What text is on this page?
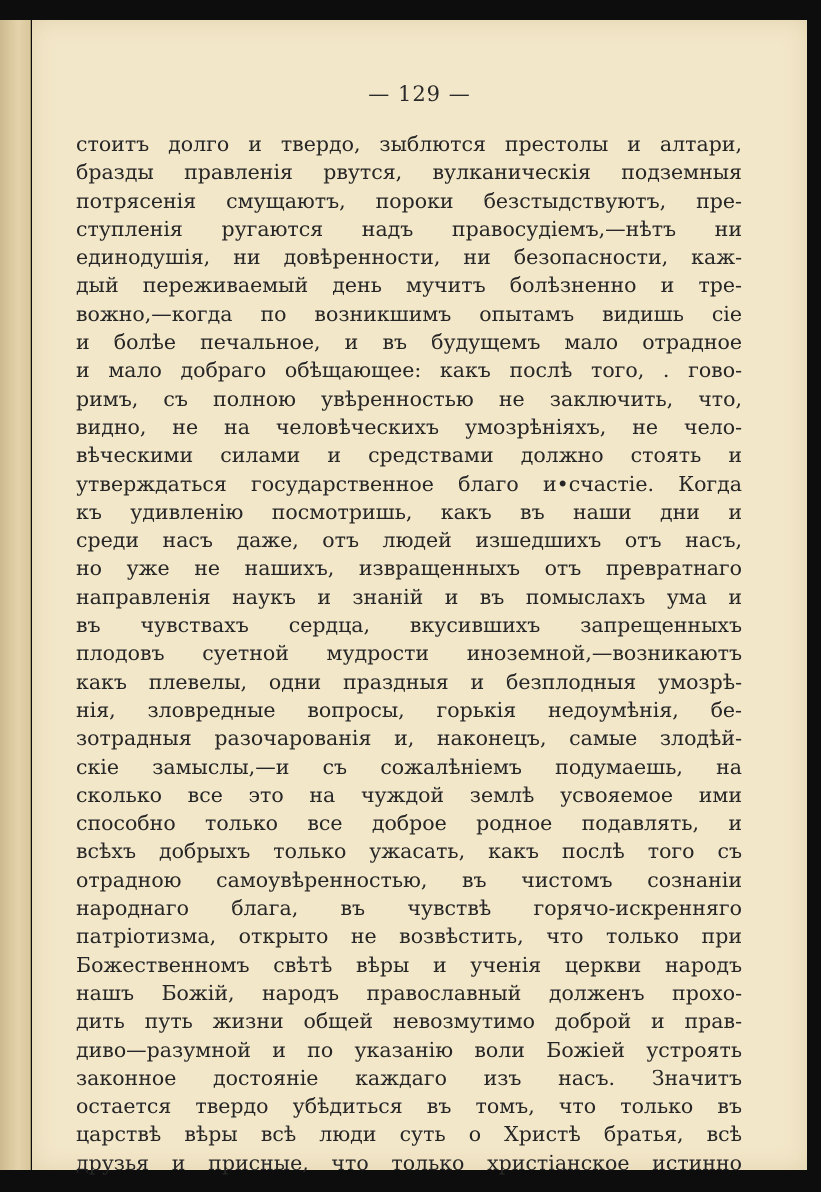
— 129 —
стоитъ долго и твердо, зыблются престолы и алтари,
бразды правленія рвутся, вулканическія подземныя
потрясенія смущаютъ, пороки безстыдствуютъ, пре-
ступленія ругаются надъ правосудіемъ,—нѣтъ ни
единодушія, ни довѣренности, ни безопасности, каж-
дый переживаемый день мучитъ болѣзненно и тре-
вожно,—когда по возникшимъ опытамъ видишь сіе
и болѣе печальное, и въ будущемъ мало отрадное
и мало добраго обѣщающее: какъ послѣ того, . гово-
римъ, съ полною увѣренностью не заключить, что,
видно, не на человѣческихъ умозрѣніяхъ, не чело-
вѣческими силами и средствами должно стоять и
утверждаться государственное благо и•счастіе. Когда
къ удивленію посмотришь, какъ въ наши дни и
среди насъ даже, отъ людей изшедшихъ отъ насъ,
но уже не нашихъ, извращенныхъ отъ превратнаго
направленія наукъ и знаній и въ помыслахъ ума и
въ чувствахъ сердца, вкусившихъ запрещенныхъ
плодовъ суетной мудрости иноземной,—возникаютъ
какъ плевелы, одни праздныя и безплодныя умозрѣ-
нія, зловредные вопросы, горькія недоумѣнія, бе-
зотрадныя разочарованія и, наконецъ, самые злодѣй-
скіе замыслы,—и съ сожалѣніемъ подумаешь, на
сколько все это на чуждой землѣ усвояемое ими
способно только все доброе родное подавлять, и
всѣхъ добрыхъ только ужасать, какъ послѣ того съ
отрадною самоувѣренностью, въ чистомъ сознаніи
народнаго блага, въ чувствѣ горячо-искренняго
патріотизма, открыто не возвѣстить, что только при
Божественномъ свѣтѣ вѣры и ученія церкви народъ
нашъ Божій, народъ православный долженъ прохо-
дить путь жизни общей невозмутимо доброй и прав-
диво—разумной и по указанію воли Божіей устроять
законное достояніе каждаго изъ насъ. Значитъ
остается твердо убѣдиться въ томъ, что только въ
царствѣ вѣры всѣ люди суть о Христѣ братья, всѣ
друзья и присные, что только христіанское истинно
